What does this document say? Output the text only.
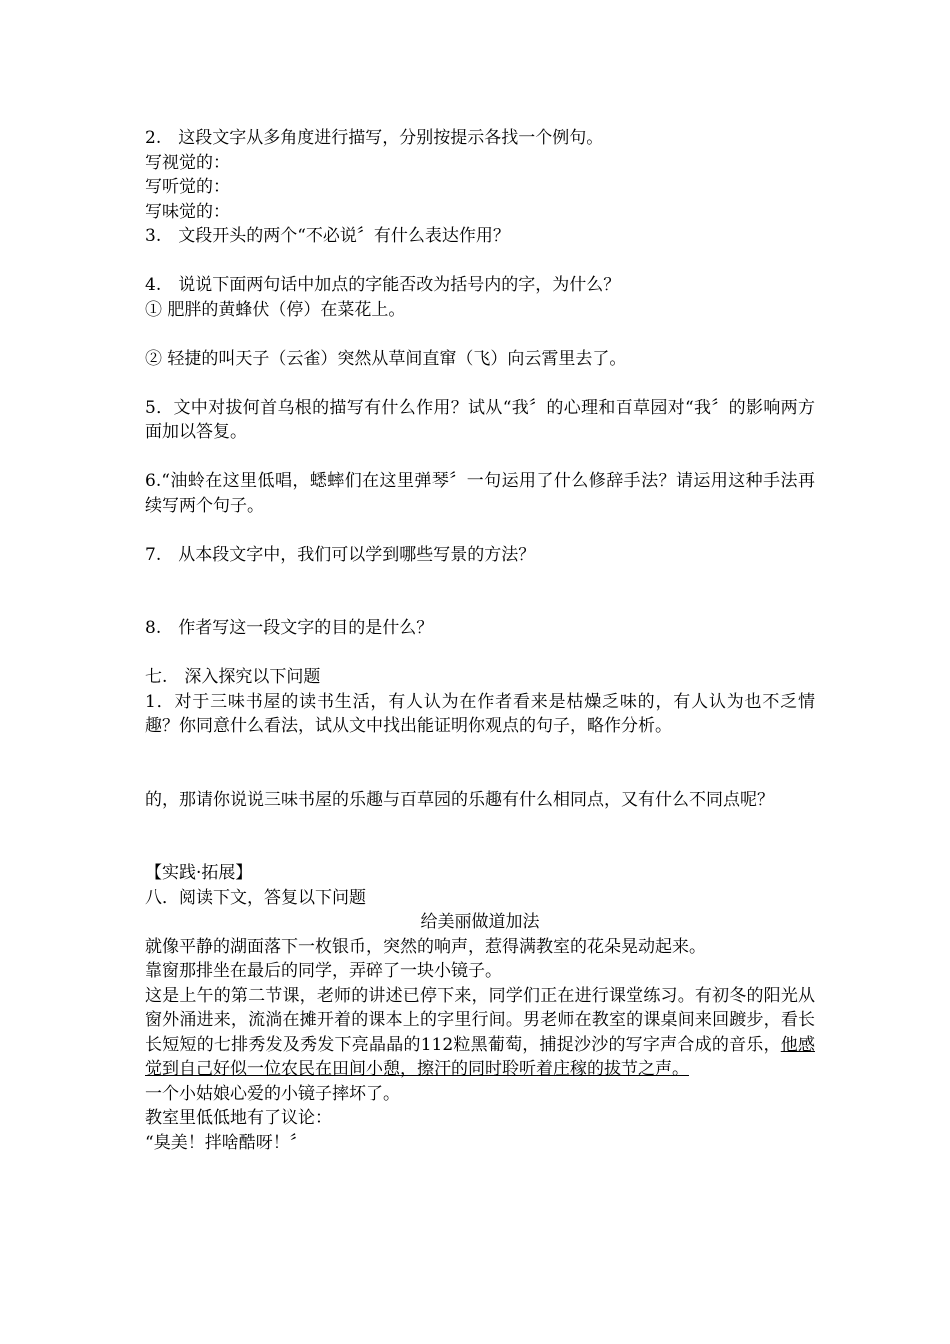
2.　这段文字从多角度进行描写，分别按提示各找一个例句。
写视觉的：
写听觉的：
写味觉的：
3.　文段开头的两个“不必说〞有什么表达作用？
4.　说说下面两句话中加点的字能否改为括号内的字，为什么？
① 肥胖的黄蜂伏（停）在菜花上。
② 轻捷的叫天子（云雀）突然从草间直窜（飞）向云霄里去了。
5．文中对拔何首乌根的描写有什么作用？试从“我〞的心理和百草园对“我〞的影响两方面加以答复。
6.“油蛉在这里低唱，蟋蟀们在这里弹琴〞一句运用了什么修辞手法？请运用这种手法再续写两个句子。
7.　从本段文字中，我们可以学到哪些写景的方法？
8.　作者写这一段文字的目的是什么？
七.　深入探究以下问题
1．对于三味书屋的读书生活，有人认为在作者看来是枯燥乏味的，有人认为也不乏情趣？你同意什么看法，试从文中找出能证明你观点的句子，略作分析。
的，那请你说说三味书屋的乐趣与百草园的乐趣有什么相同点，又有什么不同点呢？
【实践·拓展】
八．阅读下文，答复以下问题
给美丽做道加法
就像平静的湖面落下一枚银币，突然的响声，惹得满教室的花朵晃动起来。
靠窗那排坐在最后的同学，弄碎了一块小镜子。
这是上午的第二节课，老师的讲述已停下来，同学们正在进行课堂练习。有初冬的阳光从窗外涌进来，流淌在摊开着的课本上的字里行间。男老师在教室的课桌间来回踱步，看长长短短的七排秀发及秀发下亮晶晶的112粒黑葡萄，捕捉沙沙的写字声合成的音乐，他感觉到自己好似一位农民在田间小憩，擦汗的同时聆听着庄稼的拔节之声。
一个小姑娘心爱的小镜子摔坏了。
教室里低低地有了议论：
“臭美！拌啥酷呀！〞
